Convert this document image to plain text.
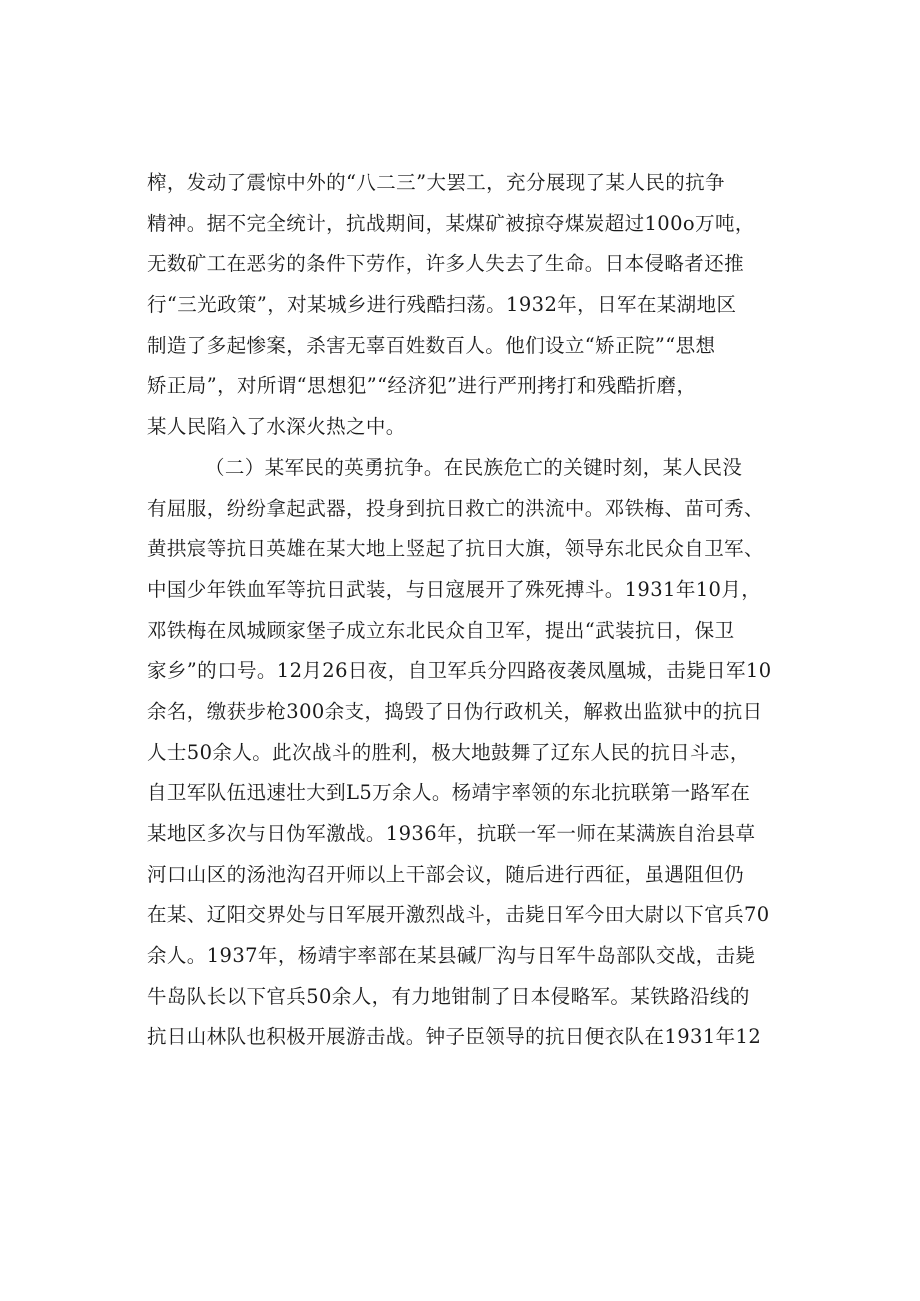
榨，发动了震惊中外的“八二三”大罢工，充分展现了某人民的抗争
精神。据不完全统计，抗战期间，某煤矿被掠夺煤炭超过100o万吨，
无数矿工在恶劣的条件下劳作，许多人失去了生命。日本侵略者还推
行“三光政策”，对某城乡进行残酷扫荡。1932年，日军在某湖地区
制造了多起惨案，杀害无辜百姓数百人。他们设立“矫正院”“思想
矫正局”，对所谓“思想犯”“经济犯”进行严刑拷打和残酷折磨，
某人民陷入了水深火热之中。
（二）某军民的英勇抗争。在民族危亡的关键时刻，某人民没
有屈服，纷纷拿起武器，投身到抗日救亡的洪流中。邓铁梅、苗可秀、
黄拱宸等抗日英雄在某大地上竖起了抗日大旗，领导东北民众自卫军、
中国少年铁血军等抗日武装，与日寇展开了殊死搏斗。1931年10月，
邓铁梅在凤城顾家堡子成立东北民众自卫军，提出“武装抗日，保卫
家乡”的口号。12月26日夜，自卫军兵分四路夜袭凤凰城，击毙日军10
余名，缴获步枪300余支，捣毁了日伪行政机关，解救出监狱中的抗日
人士50余人。此次战斗的胜利，极大地鼓舞了辽东人民的抗日斗志，
自卫军队伍迅速壮大到L5万余人。杨靖宇率领的东北抗联第一路军在
某地区多次与日伪军激战。1936年，抗联一军一师在某满族自治县草
河口山区的汤池沟召开师以上干部会议，随后进行西征，虽遇阻但仍
在某、辽阳交界处与日军展开激烈战斗，击毙日军今田大尉以下官兵70
余人。1937年，杨靖宇率部在某县碱厂沟与日军牛岛部队交战，击毙
牛岛队长以下官兵50余人，有力地钳制了日本侵略军。某铁路沿线的
抗日山林队也积极开展游击战。钟子臣领导的抗日便衣队在1931年12
